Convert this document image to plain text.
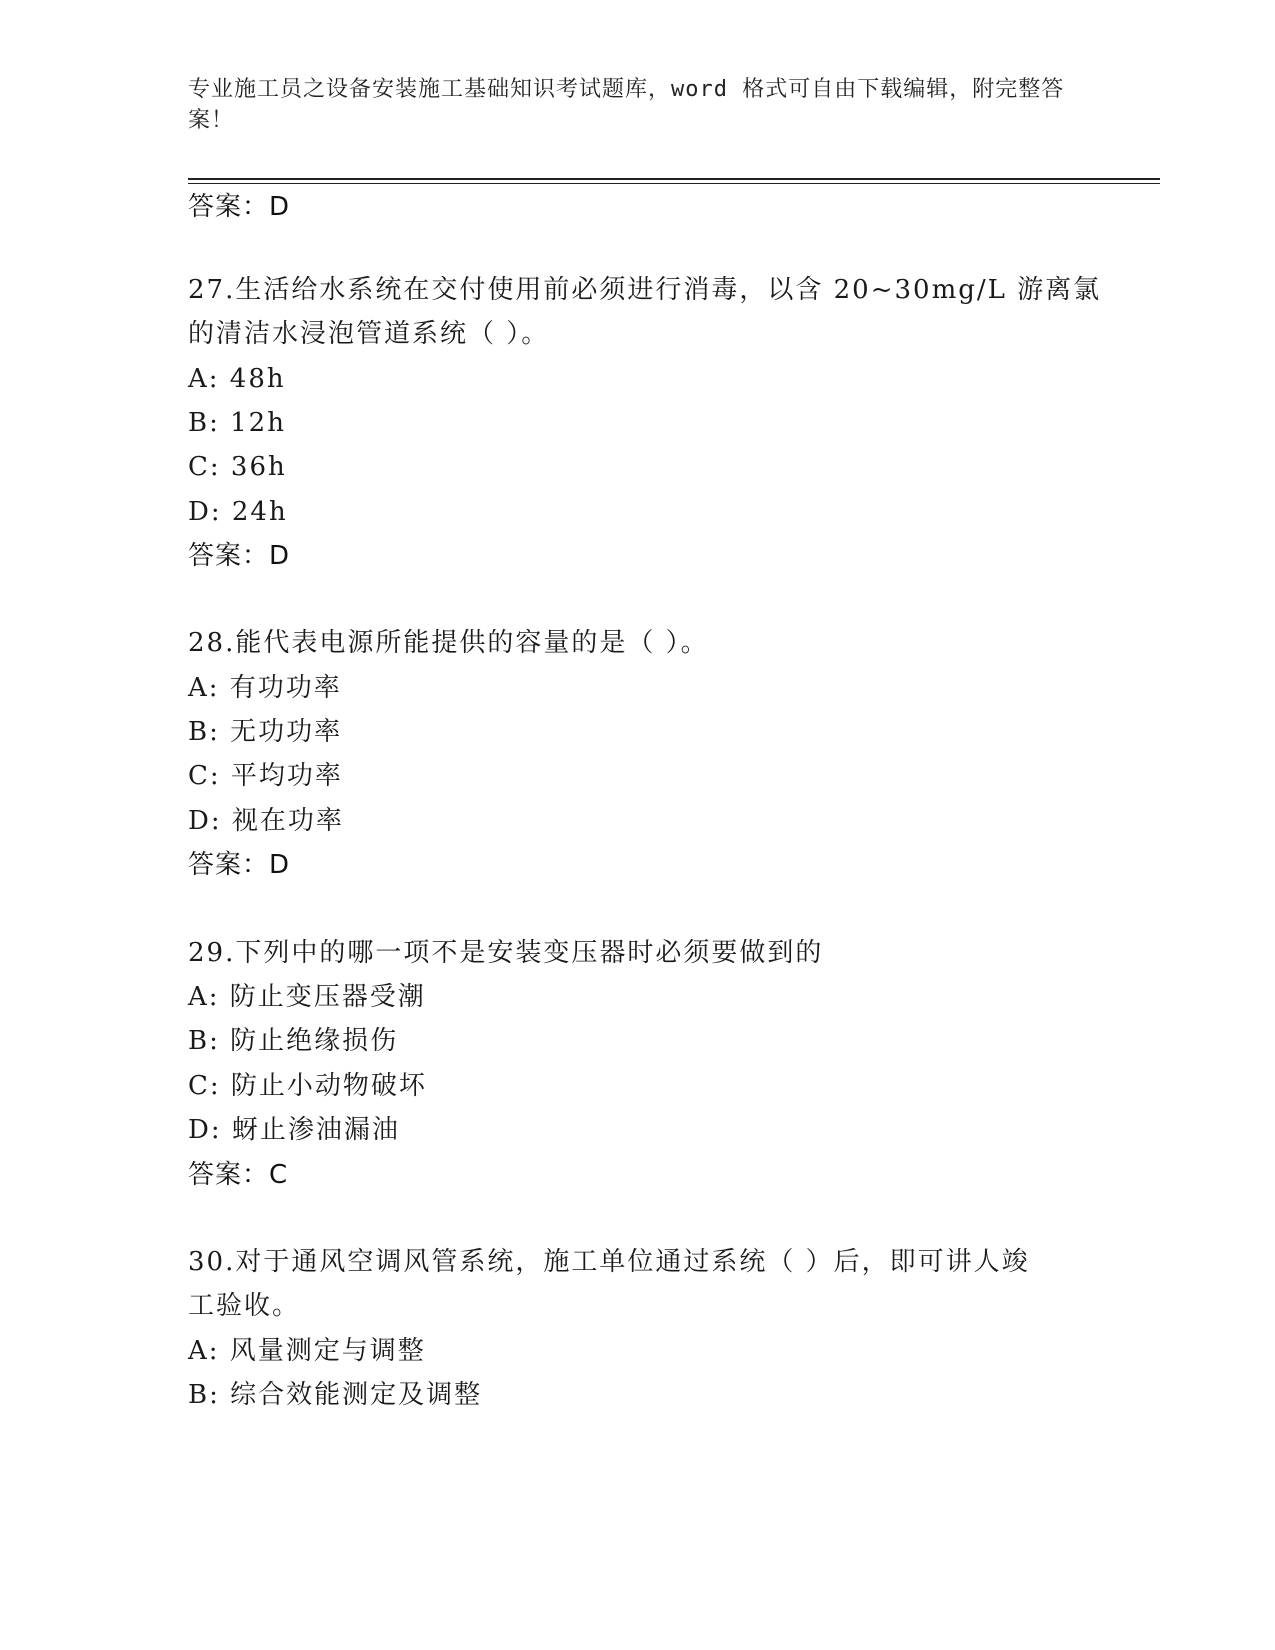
专业施工员之设备安装施工基础知识考试题库，word 格式可自由下载编辑，附完整答案！
答案：D
27.生活给水系统在交付使用前必须进行消毒，以含 20~30mg/L 游离氯
的清洁水浸泡管道系统（ ）。
A: 48h
B: 12h
C: 36h
D: 24h
答案：D
28.能代表电源所能提供的容量的是（ ）。
A: 有功功率
B: 无功功率
C: 平均功率
D: 视在功率
答案：D
29.下列中的哪一项不是安装变压器时必须要做到的
A: 防止变压器受潮
B: 防止绝缘损伤
C: 防止小动物破坏
D: 蚜止渗油漏油
答案：C
30.对于通风空调风管系统，施工单位通过系统（ ）后，即可讲人竣
工验收。
A: 风量测定与调整
B: 综合效能测定及调整
